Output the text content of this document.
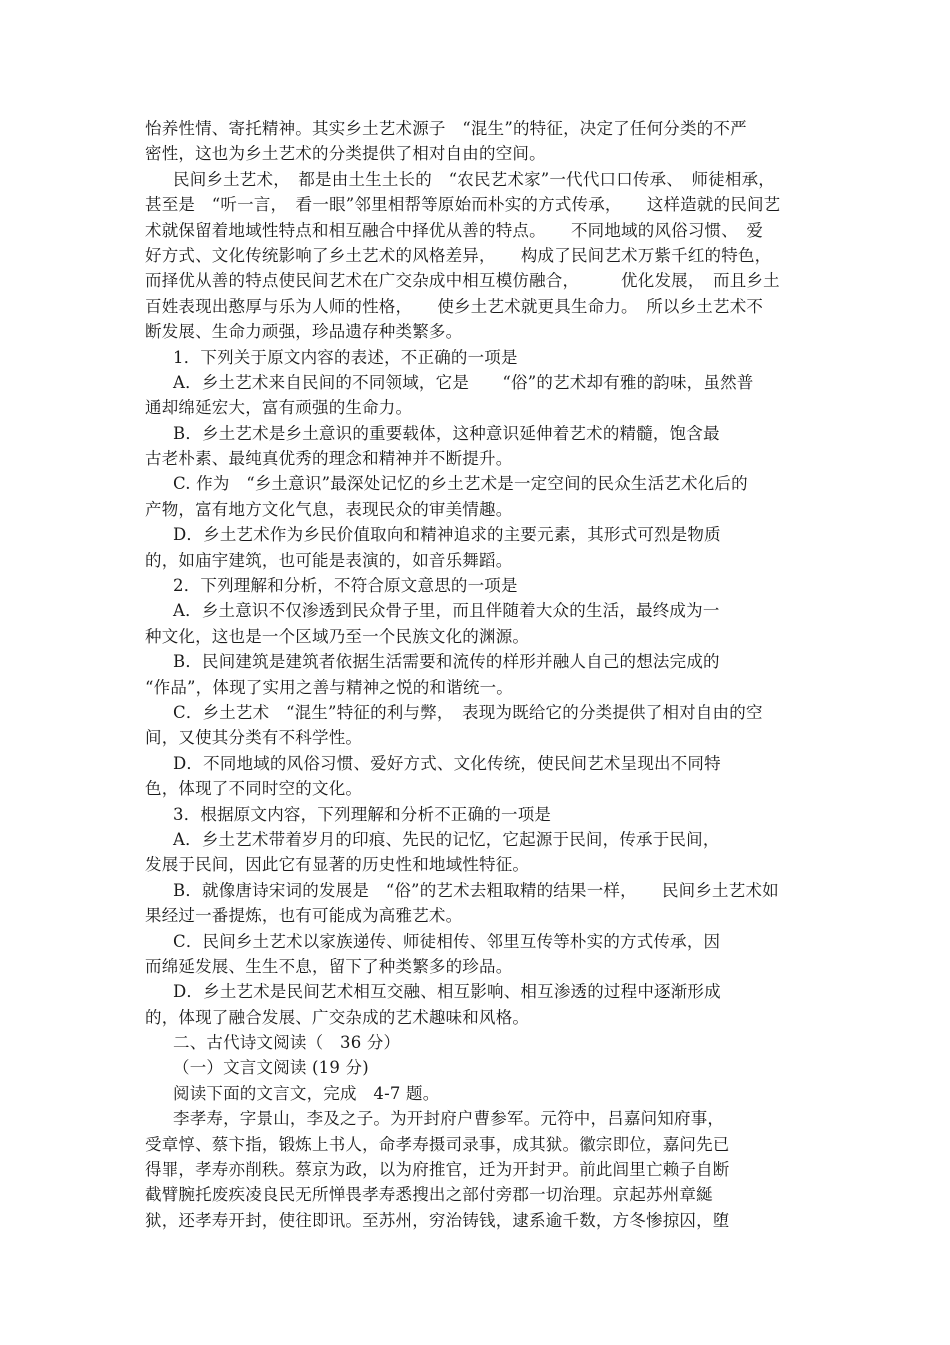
怡养性情、寄托精神。其实乡土艺术源子　“混生”的特征，决定了任何分类的不严
密性，这也为乡土艺术的分类提供了相对自由的空间。
民间乡土艺术，　都是由土生土长的　“农民艺术家”一代代口口传承、　师徒相承，
甚至是　“听一言，　看一眼”邻里相帮等原始而朴实的方式传承，　　这样造就的民间艺
术就保留着地域性特点和相互融合中择优从善的特点。　　不同地域的风俗习惯、　爱
好方式、文化传统影响了乡土艺术的风格差异，　　构成了民间艺术万紫千红的特色，
而择优从善的特点使民间艺术在广交杂成中相互模仿融合，　　　优化发展，　而且乡土
百姓表现出憨厚与乐为人师的性格，　　使乡土艺术就更具生命力。　所以乡土艺术不
断发展、生命力顽强，珍品遗存种类繁多。
1．下列关于原文内容的表述，不正确的一项是
A．乡土艺术来自民间的不同领域，它是　　“俗”的艺术却有雅的韵味，虽然普
通却绵延宏大，富有顽强的生命力。
B．乡土艺术是乡土意识的重要载体，这种意识延伸着艺术的精髓，饱含最
古老朴素、最纯真优秀的理念和精神并不断提升。
C. 作为　“乡土意识”最深处记忆的乡土艺术是一定空间的民众生活艺术化后的
产物，富有地方文化气息，表现民众的审美情趣。
D．乡土艺术作为乡民价值取向和精神追求的主要元素，其形式可烈是物质
的，如庙宇建筑，也可能是表演的，如音乐舞蹈。
2．下列理解和分析，不符合原文意思的一项是
A．乡土意识不仅渗透到民众骨子里，而且伴随着大众的生活，最终成为一
种文化，这也是一个区域乃至一个民族文化的渊源。
B．民间建筑是建筑者依据生活需要和流传的样形并融人自己的想法完成的
“作品”，体现了实用之善与精神之悦的和谐统一。
C．乡土艺术　“混生”特征的利与弊，　表现为既给它的分类提供了相对自由的空
间，又使其分类有不科学性。
D．不同地域的风俗习惯、爱好方式、文化传统，使民间艺术呈现出不同特
色，体现了不同时空的文化。
3．根据原文内容，下列理解和分析不正确的一项是
A．乡土艺术带着岁月的印痕、先民的记忆，它起源于民间，传承于民间，
发展于民间，因此它有显著的历史性和地域性特征。
B．就像唐诗宋词的发展是　“俗”的艺术去粗取精的结果一样，　　民间乡土艺术如
果经过一番提炼，也有可能成为高雅艺术。
C．民间乡土艺术以家族递传、师徒相传、邻里互传等朴实的方式传承，因
而绵延发展、生生不息，留下了种类繁多的珍品。
D．乡土艺术是民间艺术相互交融、相互影响、相互渗透的过程中逐渐形成
的，体现了融合发展、广交杂成的艺术趣味和风格。
二、古代诗文阅读（　36 分）
（一）文言文阅读 (19 分)
阅读下面的文言文，完成　4-7 题。
李孝寿，字景山，李及之子。为开封府户曹参军。元符中，吕嘉问知府事，
受章惇、蔡卞指，锻炼上书人，命孝寿摄司录事，成其狱。徽宗即位，嘉问先已
得罪，孝寿亦削秩。蔡京为政，以为府推官，迁为开封尹。前此闾里亡赖子自断
截臂腕托废疾凌良民无所惮畏孝寿悉搜出之部付旁郡一切治理。京起苏州章綖
狱，还孝寿开封，使往即讯。至苏州，穷治铸钱，逮系逾千数，方冬惨掠囚，堕
